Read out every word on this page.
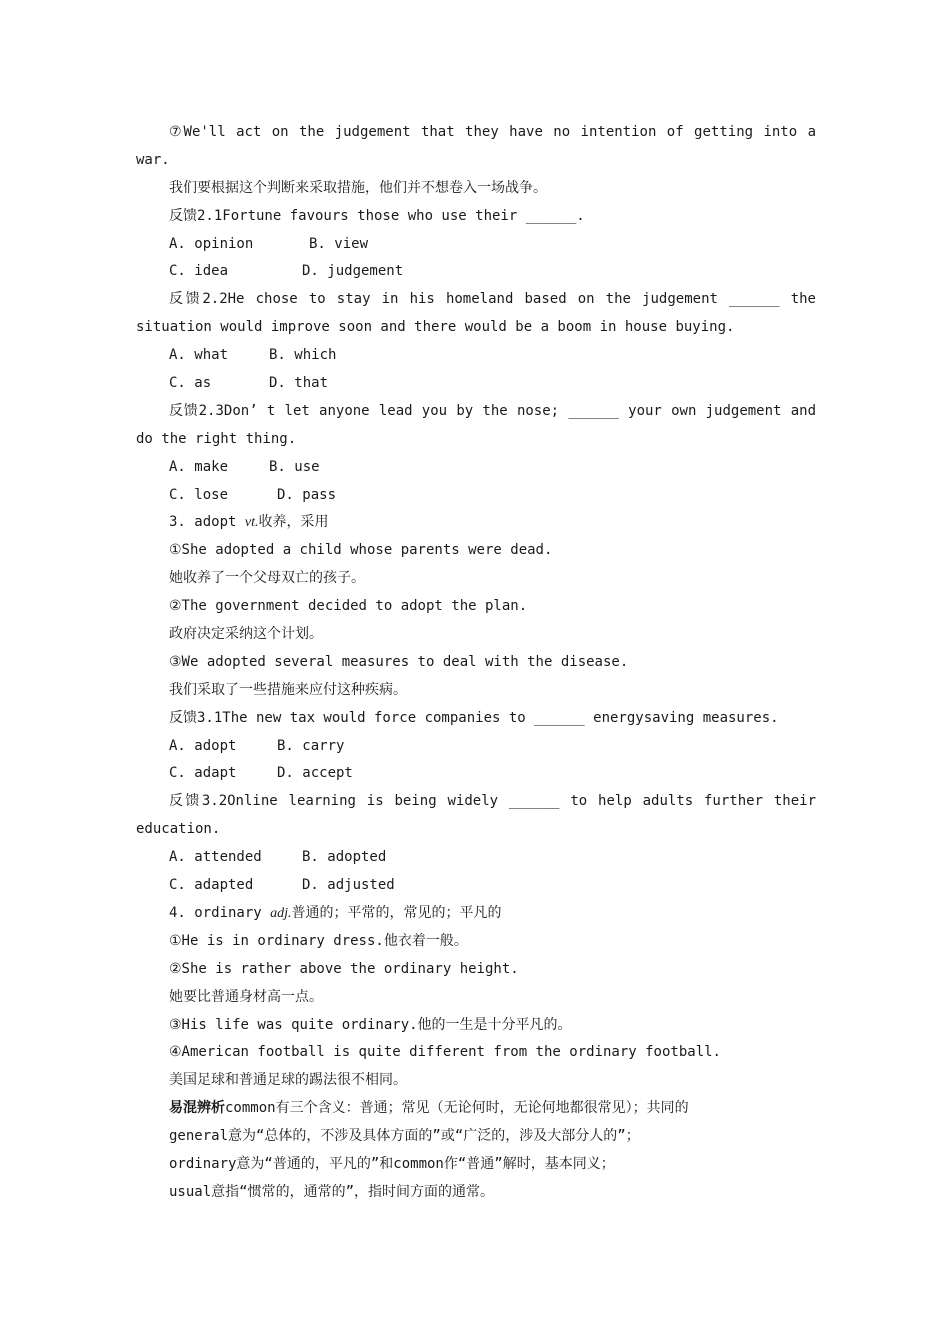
⑦We'll act on the judgement that they have no intention of getting into a
war.
我们要根据这个判断来采取措施，他们并不想卷入一场战争。
反馈2.1Fortune favours those who use their ______.
A. opinion	B. view
C. idea	D. judgement
反馈2.2He chose to stay in his homeland based on the judgement ______ the
situation would improve soon and there would be a boom in house buying.
A. what	B. which
C. as	D. that
反馈2.3Don’ t let anyone lead you by the nose; ______ your own judgement and
do the right thing.
A. make	B. use
C. lose	D. pass
3. adopt vt.收养，采用
①She adopted a child whose parents were dead.
她收养了一个父母双亡的孩子。
②The government decided to adopt the plan.
政府决定采纳这个计划。
③We adopted several measures to deal with the disease.
我们采取了一些措施来应付这种疾病。
反馈3.1The new tax would force companies to ______ energysaving measures.
A. adopt	B. carry
C. adapt	D. accept
反馈3.2Online learning is being widely ______ to help adults further their
education.
A. attended	B. adopted
C. adapted	D. adjusted
4. ordinary adj.普通的；平常的，常见的；平凡的
①He is in ordinary dress.他衣着一般。
②She is rather above the ordinary height.
她要比普通身材高一点。
③His life was quite ordinary.他的一生是十分平凡的。
④American football is quite different from the ordinary football.
美国足球和普通足球的踢法很不相同。
易混辨析common有三个含义：普通；常见（无论何时，无论何地都很常见）；共同的
general意为“总体的，不涉及具体方面的”或“广泛的，涉及大部分人的”；
ordinary意为“普通的，平凡的”和common作“普通”解时，基本同义；
usual意指“惯常的，通常的”，指时间方面的通常。
